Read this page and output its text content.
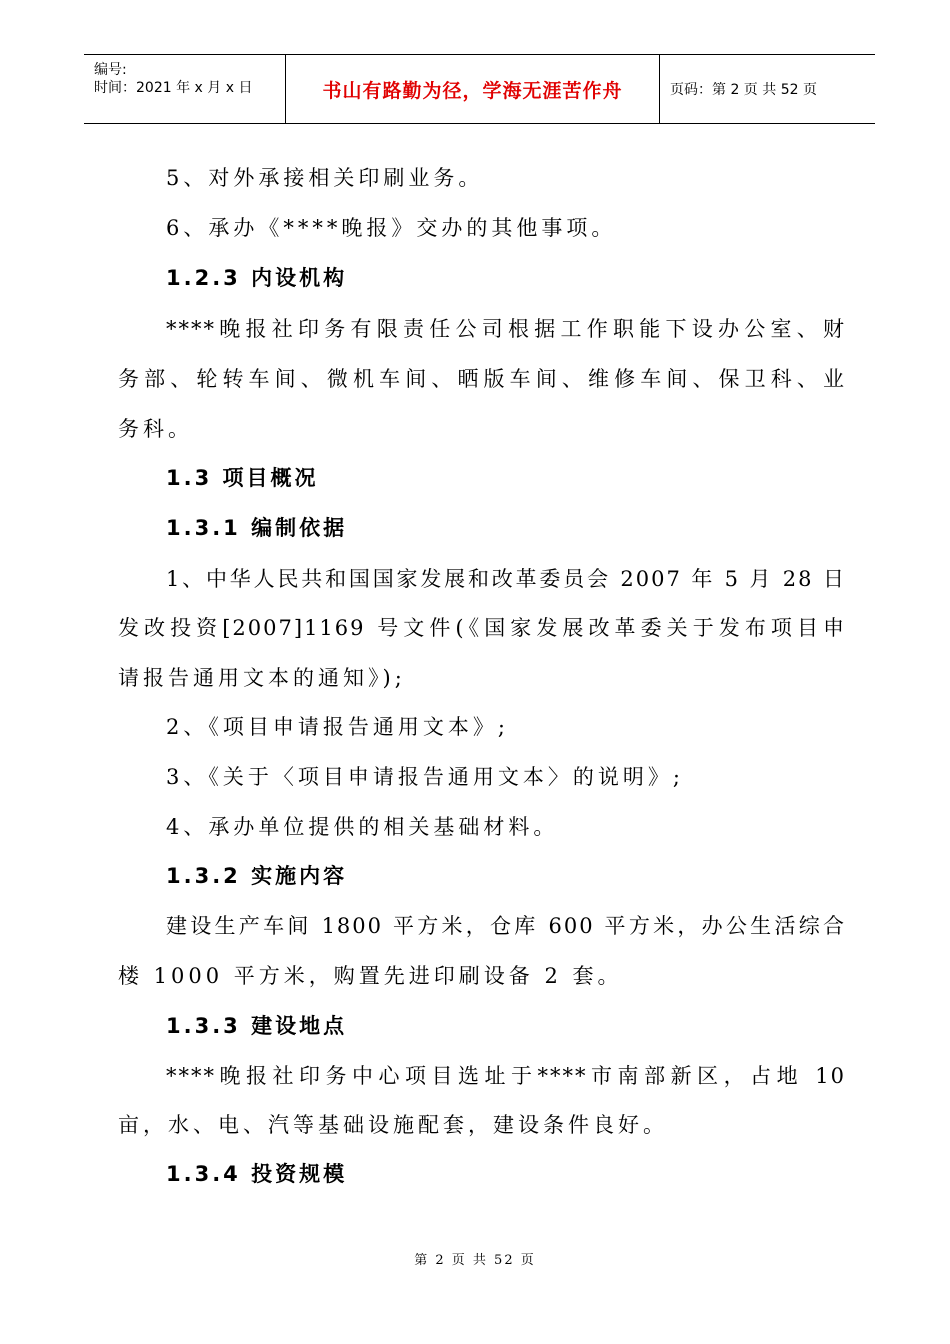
编号:
时间：2021 年 x 月 x 日	书山有路勤为径，学海无涯苦作舟	页码：第 2 页 共 52 页
5、对外承接相关印刷业务。
6、承办《****晚报》交办的其他事项。
1.2.3 内设机构
****晚报社印务有限责任公司根据工作职能下设办公室、财
务部、轮转车间、微机车间、晒版车间、维修车间、保卫科、业
务科。
1.3 项目概况
1.3.1 编制依据
1、中华人民共和国国家发展和改革委员会 2007 年 5 月 28 日
发改投资[2007]1169 号文件(《国家发展改革委关于发布项目申
请报告通用文本的通知》);
2、《项目申请报告通用文本》;
3、《关于〈项目申请报告通用文本〉的说明》;
4、承办单位提供的相关基础材料。
1.3.2 实施内容
建设生产车间 1800 平方米，仓库 600 平方米，办公生活综合
楼 1000 平方米，购置先进印刷设备 2 套。
1.3.3 建设地点
****晚报社印务中心项目选址于****市南部新区，占地 10
亩，水、电、汽等基础设施配套，建设条件良好。
1.3.4 投资规模
第 2 页 共 52 页
